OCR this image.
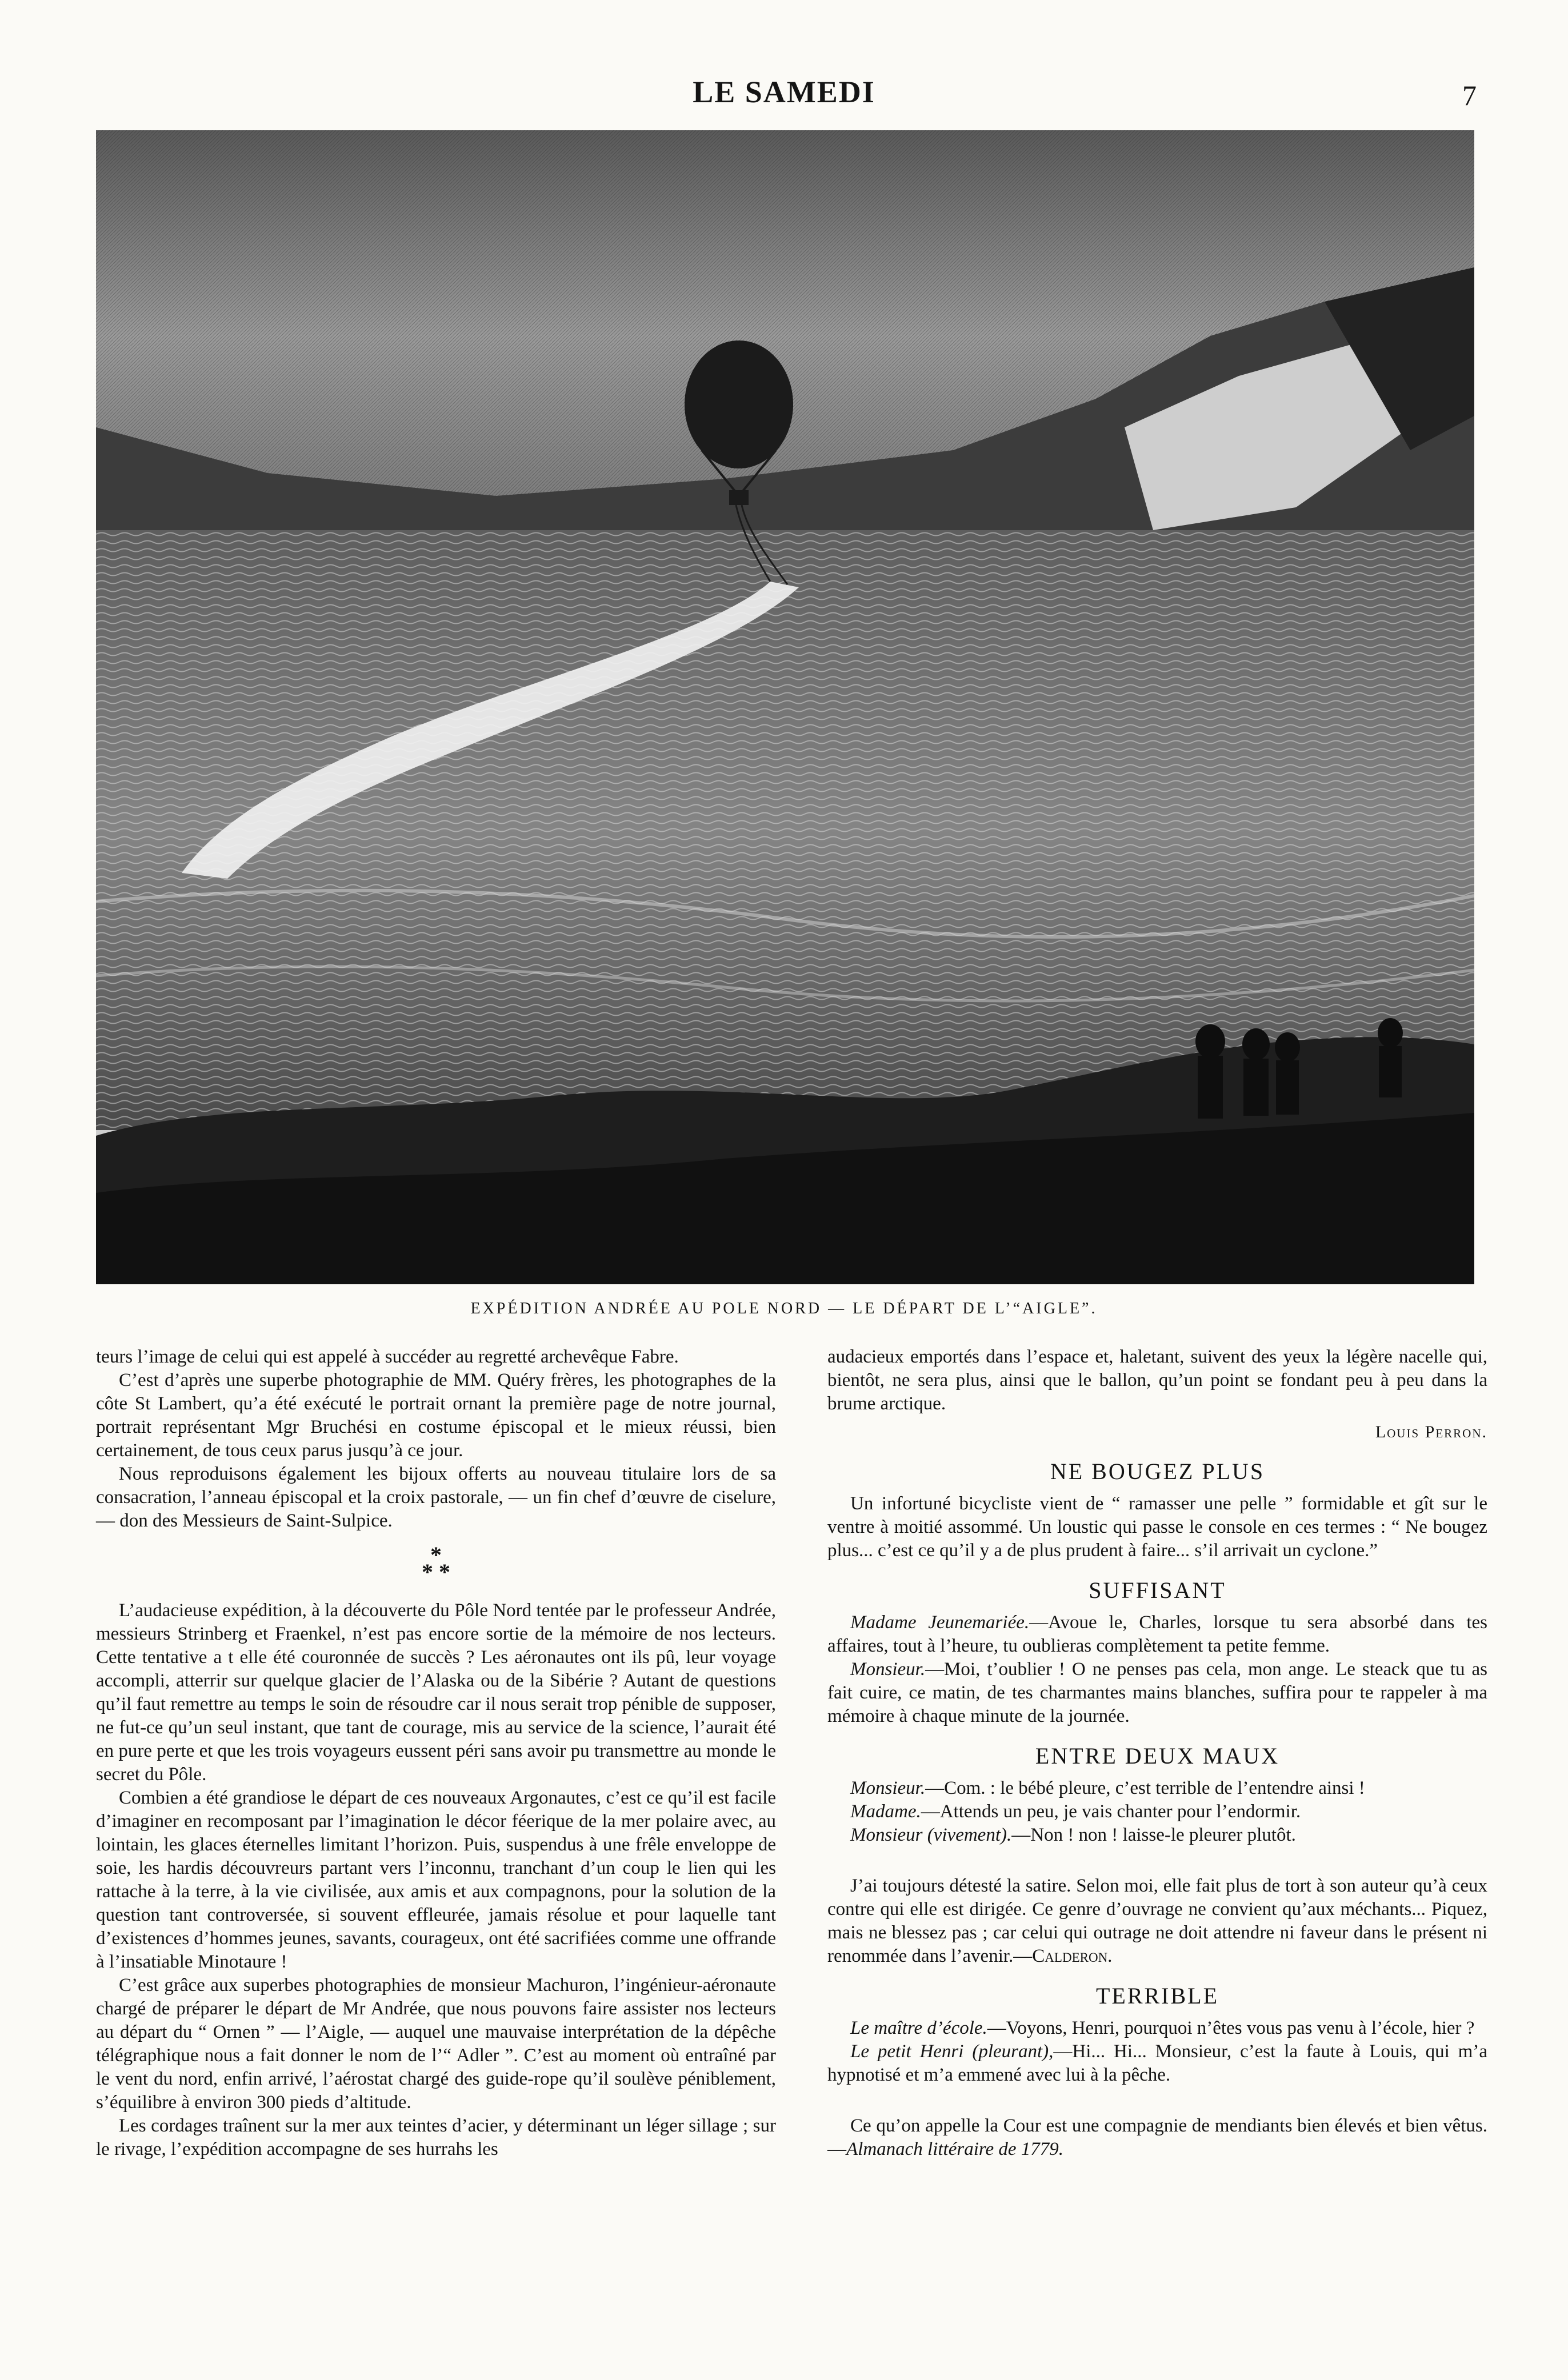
LE SAMEDI	7
EXPÉDITION ANDRÉE AU POLE NORD — LE DÉPART DE L’“AIGLE”.

teurs l’image de celui qui est appelé à succéder au regretté archevêque Fabre.

C’est d’après une superbe photographie de MM. Quéry frères, les photographes de la côte St Lambert, qu’a été exécuté le portrait ornant la première page de notre journal, portrait représentant Mgr Bruchési en costume épiscopal et le mieux réussi, bien certainement, de tous ceux parus jusqu’à ce jour.

Nous reproduisons également les bijoux offerts au nouveau titulaire lors de sa consacration, l’anneau épiscopal et la croix pastorale, — un fin chef d’œuvre de ciselure, — don des Messieurs de Saint-Sulpice.

*
* *

L’audacieuse expédition, à la découverte du Pôle Nord tentée par le professeur Andrée, messieurs Strinberg et Fraenkel, n’est pas encore sortie de la mémoire de nos lecteurs. Cette tentative a t elle été couronnée de succès ? Les aéronautes ont ils pû, leur voyage accompli, atterrir sur quelque glacier de l’Alaska ou de la Sibérie ? Autant de questions qu’il faut remettre au temps le soin de résoudre car il nous serait trop pénible de supposer, ne fut-ce qu’un seul instant, que tant de courage, mis au service de la science, l’aurait été en pure perte et que les trois voyageurs eussent péri sans avoir pu transmettre au monde le secret du Pôle.

Combien a été grandiose le départ de ces nouveaux Argonautes, c’est ce qu’il est facile d’imaginer en recomposant par l’imagination le décor féerique de la mer polaire avec, au lointain, les glaces éternelles limitant l’horizon. Puis, suspendus à une frêle enveloppe de soie, les hardis découvreurs partant vers l’inconnu, tranchant d’un coup le lien qui les rattache à la terre, à la vie civilisée, aux amis et aux compagnons, pour la solution de la question tant controversée, si souvent effleurée, jamais résolue et pour laquelle tant d’existences d’hommes jeunes, savants, courageux, ont été sacrifiées comme une offrande à l’insatiable Minotaure !

C’est grâce aux superbes photographies de monsieur Machuron, l’ingénieur-aéronaute chargé de préparer le départ de Mr Andrée, que nous pouvons faire assister nos lecteurs au départ du “ Ornen ” — l’Aigle, — auquel une mauvaise interprétation de la dépêche télégraphique nous a fait donner le nom de l’“ Adler ”. C’est au moment où entraîné par le vent du nord, enfin arrivé, l’aérostat chargé des guide-rope qu’il soulève péniblement, s’équilibre à environ 300 pieds d’altitude.

Les cordages traînent sur la mer aux teintes d’acier, y déterminant un léger sillage ; sur le rivage, l’expédition accompagne de ses hurrahs les

audacieux emportés dans l’espace et, haletant, suivent des yeux la légère nacelle qui, bientôt, ne sera plus, ainsi que le ballon, qu’un point se fondant peu à peu dans la brume arctique.

Louis Perron.
NE BOUGEZ PLUS

Un infortuné bicycliste vient de “ ramasser une pelle ” formidable et gît sur le ventre à moitié assommé. Un loustic qui passe le console en ces termes : “ Ne bougez plus... c’est ce qu’il y a de plus prudent à faire... s’il arrivait un cyclone.”

SUFFISANT

Madame Jeunemariée.—Avoue le, Charles, lorsque tu sera absorbé dans tes affaires, tout à l’heure, tu oublieras complètement ta petite femme.

Monsieur.—Moi, t’oublier ! O ne penses pas cela, mon ange. Le steack que tu as fait cuire, ce matin, de tes charmantes mains blanches, suffira pour te rappeler à ma mémoire à chaque minute de la journée.

ENTRE DEUX MAUX

Monsieur.—Com. : le bébé pleure, c’est terrible de l’entendre ainsi !

Madame.—Attends un peu, je vais chanter pour l’endormir.

Monsieur (vivement).—Non ! non ! laisse-le pleurer plutôt.

J’ai toujours détesté la satire. Selon moi, elle fait plus de tort à son auteur qu’à ceux contre qui elle est dirigée. Ce genre d’ouvrage ne convient qu’aux méchants... Piquez, mais ne blessez pas ; car celui qui outrage ne doit attendre ni faveur dans le présent ni renommée dans l’avenir.—Calderon.

TERRIBLE

Le maître d’école.—Voyons, Henri, pourquoi n’êtes vous pas venu à l’école, hier ?

Le petit Henri (pleurant),—Hi... Hi... Monsieur, c’est la faute à Louis, qui m’a hypnotisé et m’a emmené avec lui à la pêche.

Ce qu’on appelle la Cour est une compagnie de mendiants bien élevés et bien vêtus.—Almanach littéraire de 1779.
